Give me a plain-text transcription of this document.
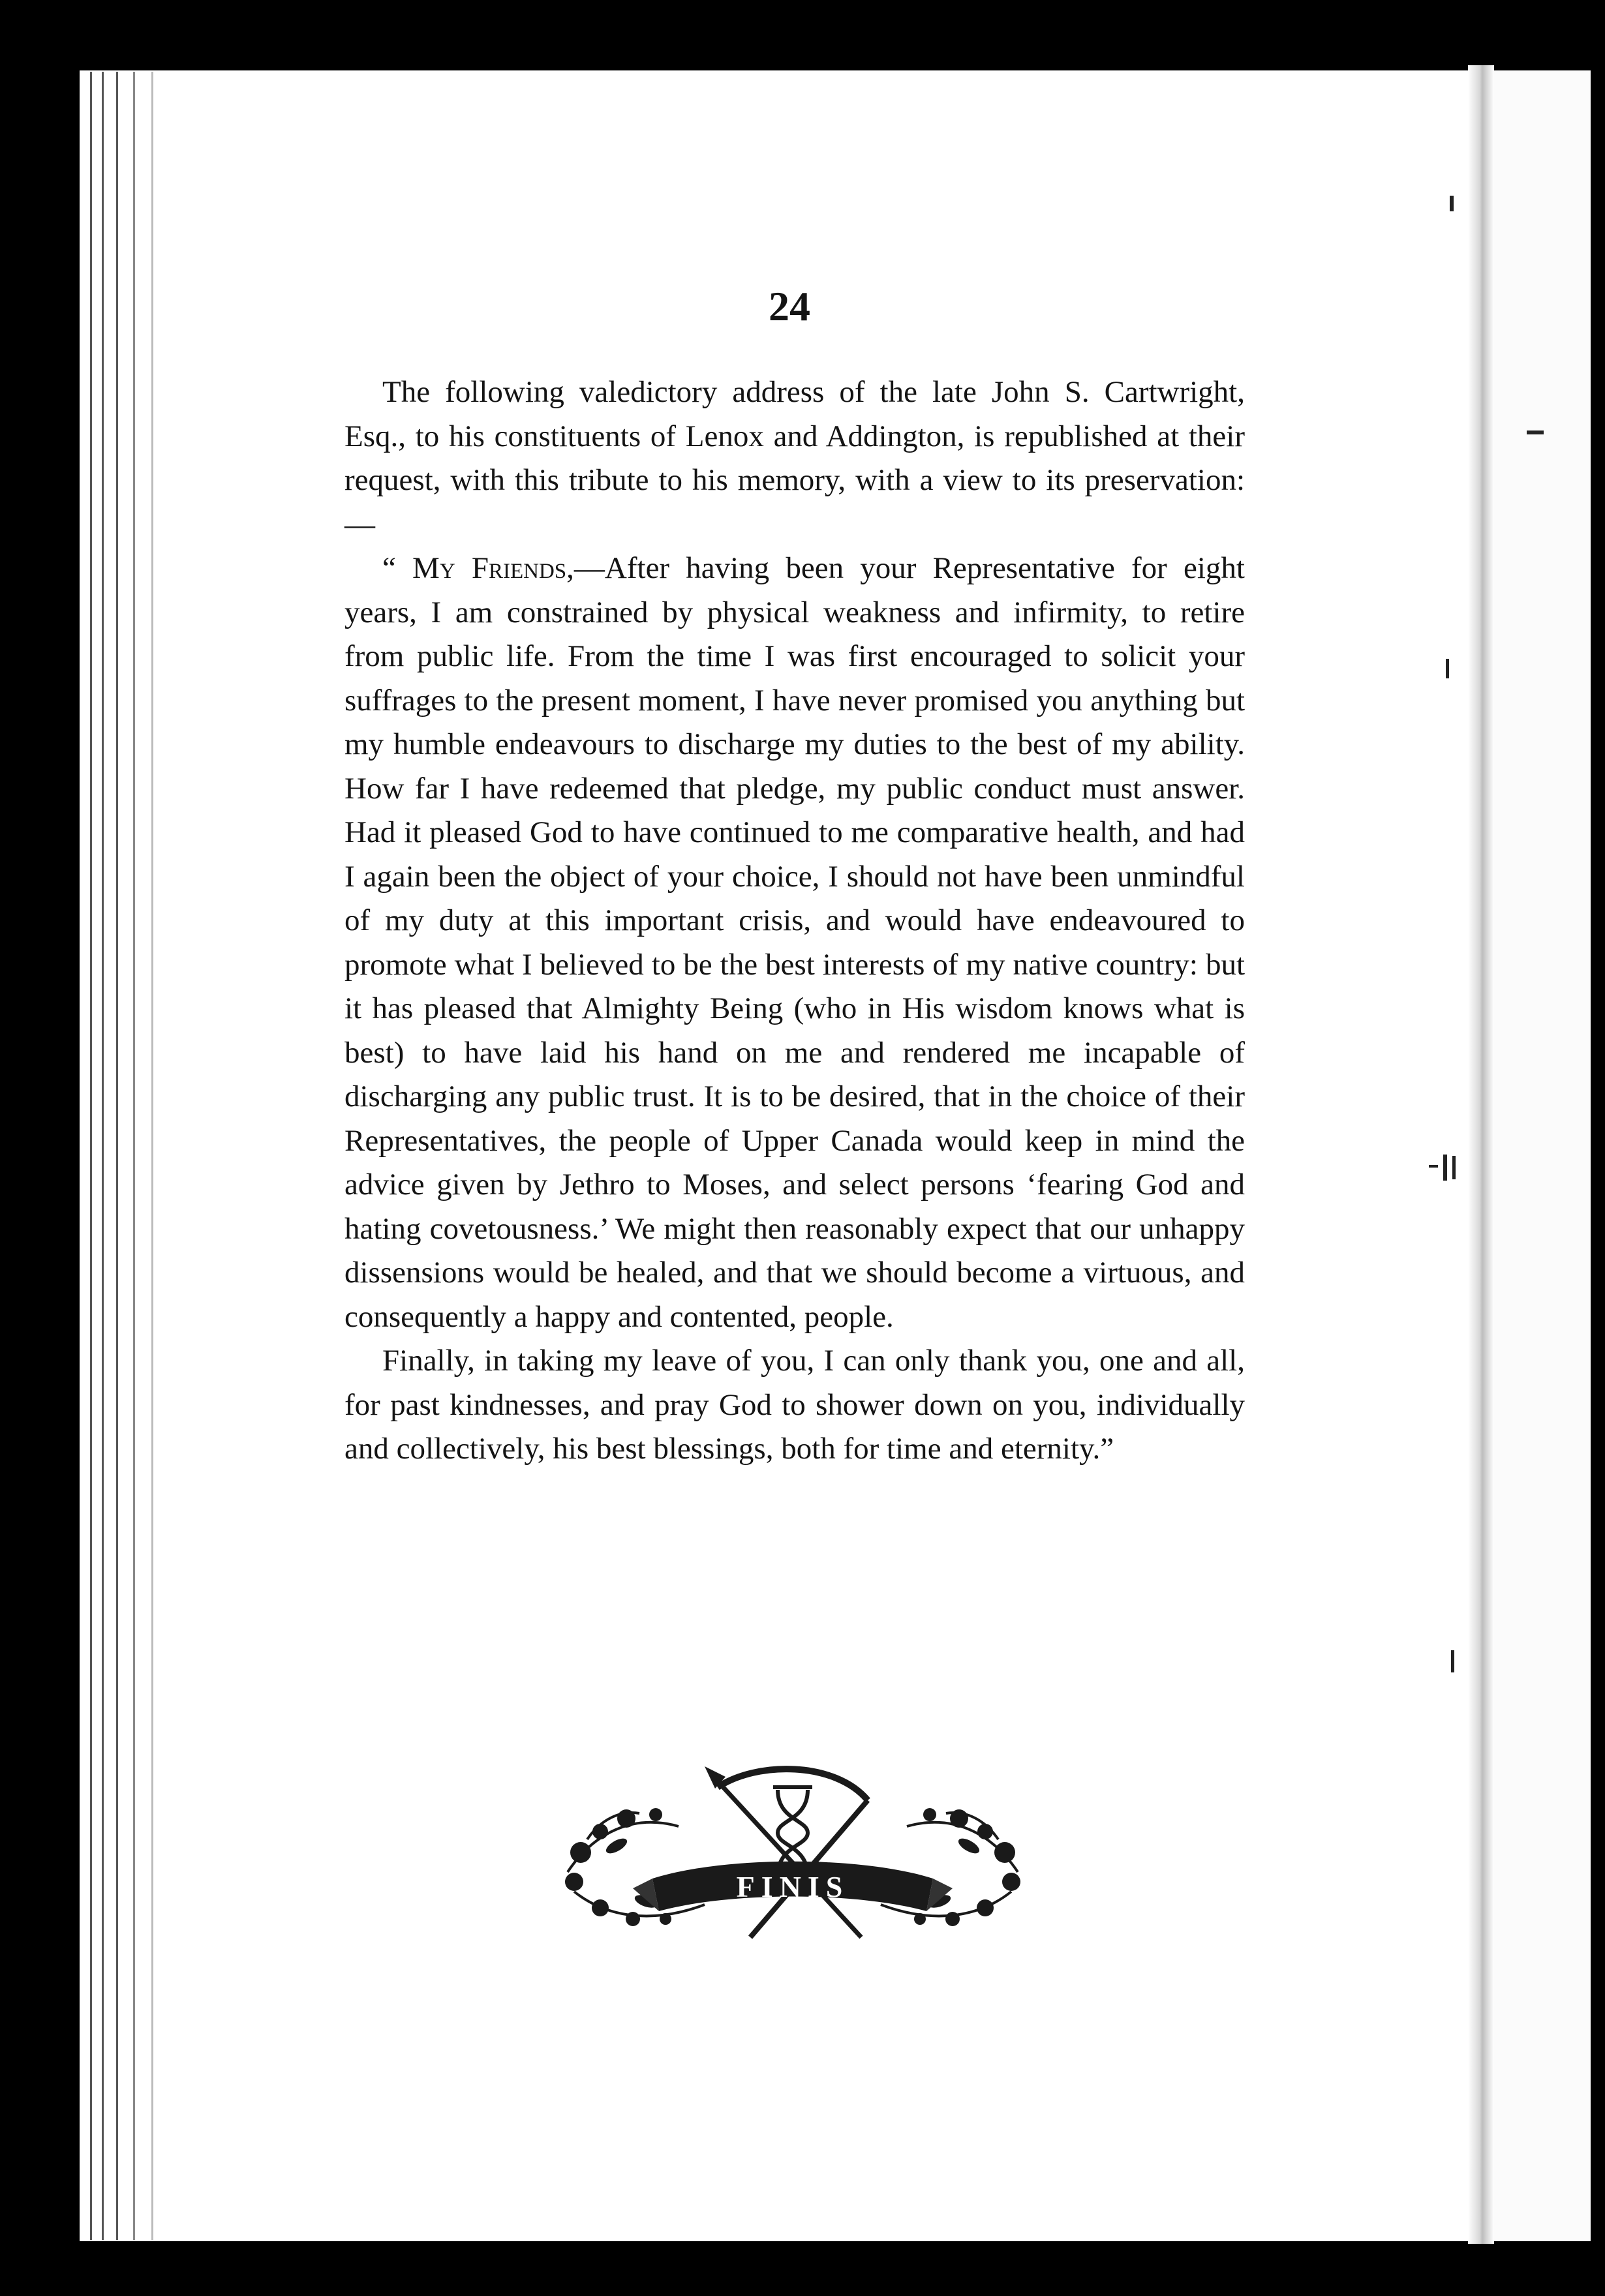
24

The following valedictory address of the late John S. Cartwright, Esq., to his constituents of Lenox and Addington, is republished at their request, with this tribute to his memory, with a view to its preservation:—

“ My Friends,—After having been your Representative for eight years, I am constrained by physical weakness and infirmity, to retire from public life. From the time I was first encouraged to solicit your suffrages to the present moment, I have never promised you anything but my humble endeavours to discharge my duties to the best of my ability. How far I have redeemed that pledge, my public conduct must answer. Had it pleased God to have continued to me comparative health, and had I again been the object of your choice, I should not have been unmindful of my duty at this important crisis, and would have endeavoured to promote what I believed to be the best interests of my native country: but it has pleased that Almighty Being (who in His wisdom knows what is best) to have laid his hand on me and rendered me incapable of discharging any public trust. It is to be desired, that in the choice of their Representatives, the people of Upper Canada would keep in mind the advice given by Jethro to Moses, and select persons ‘fearing God and hating covetousness.’ We might then reasonably expect that our unhappy dissensions would be healed, and that we should become a virtuous, and consequently a happy and contented, people.

Finally, in taking my leave of you, I can only thank you, one and all, for past kindnesses, and pray God to shower down on you, individually and collectively, his best blessings, both for time and eternity.”

FINIS
